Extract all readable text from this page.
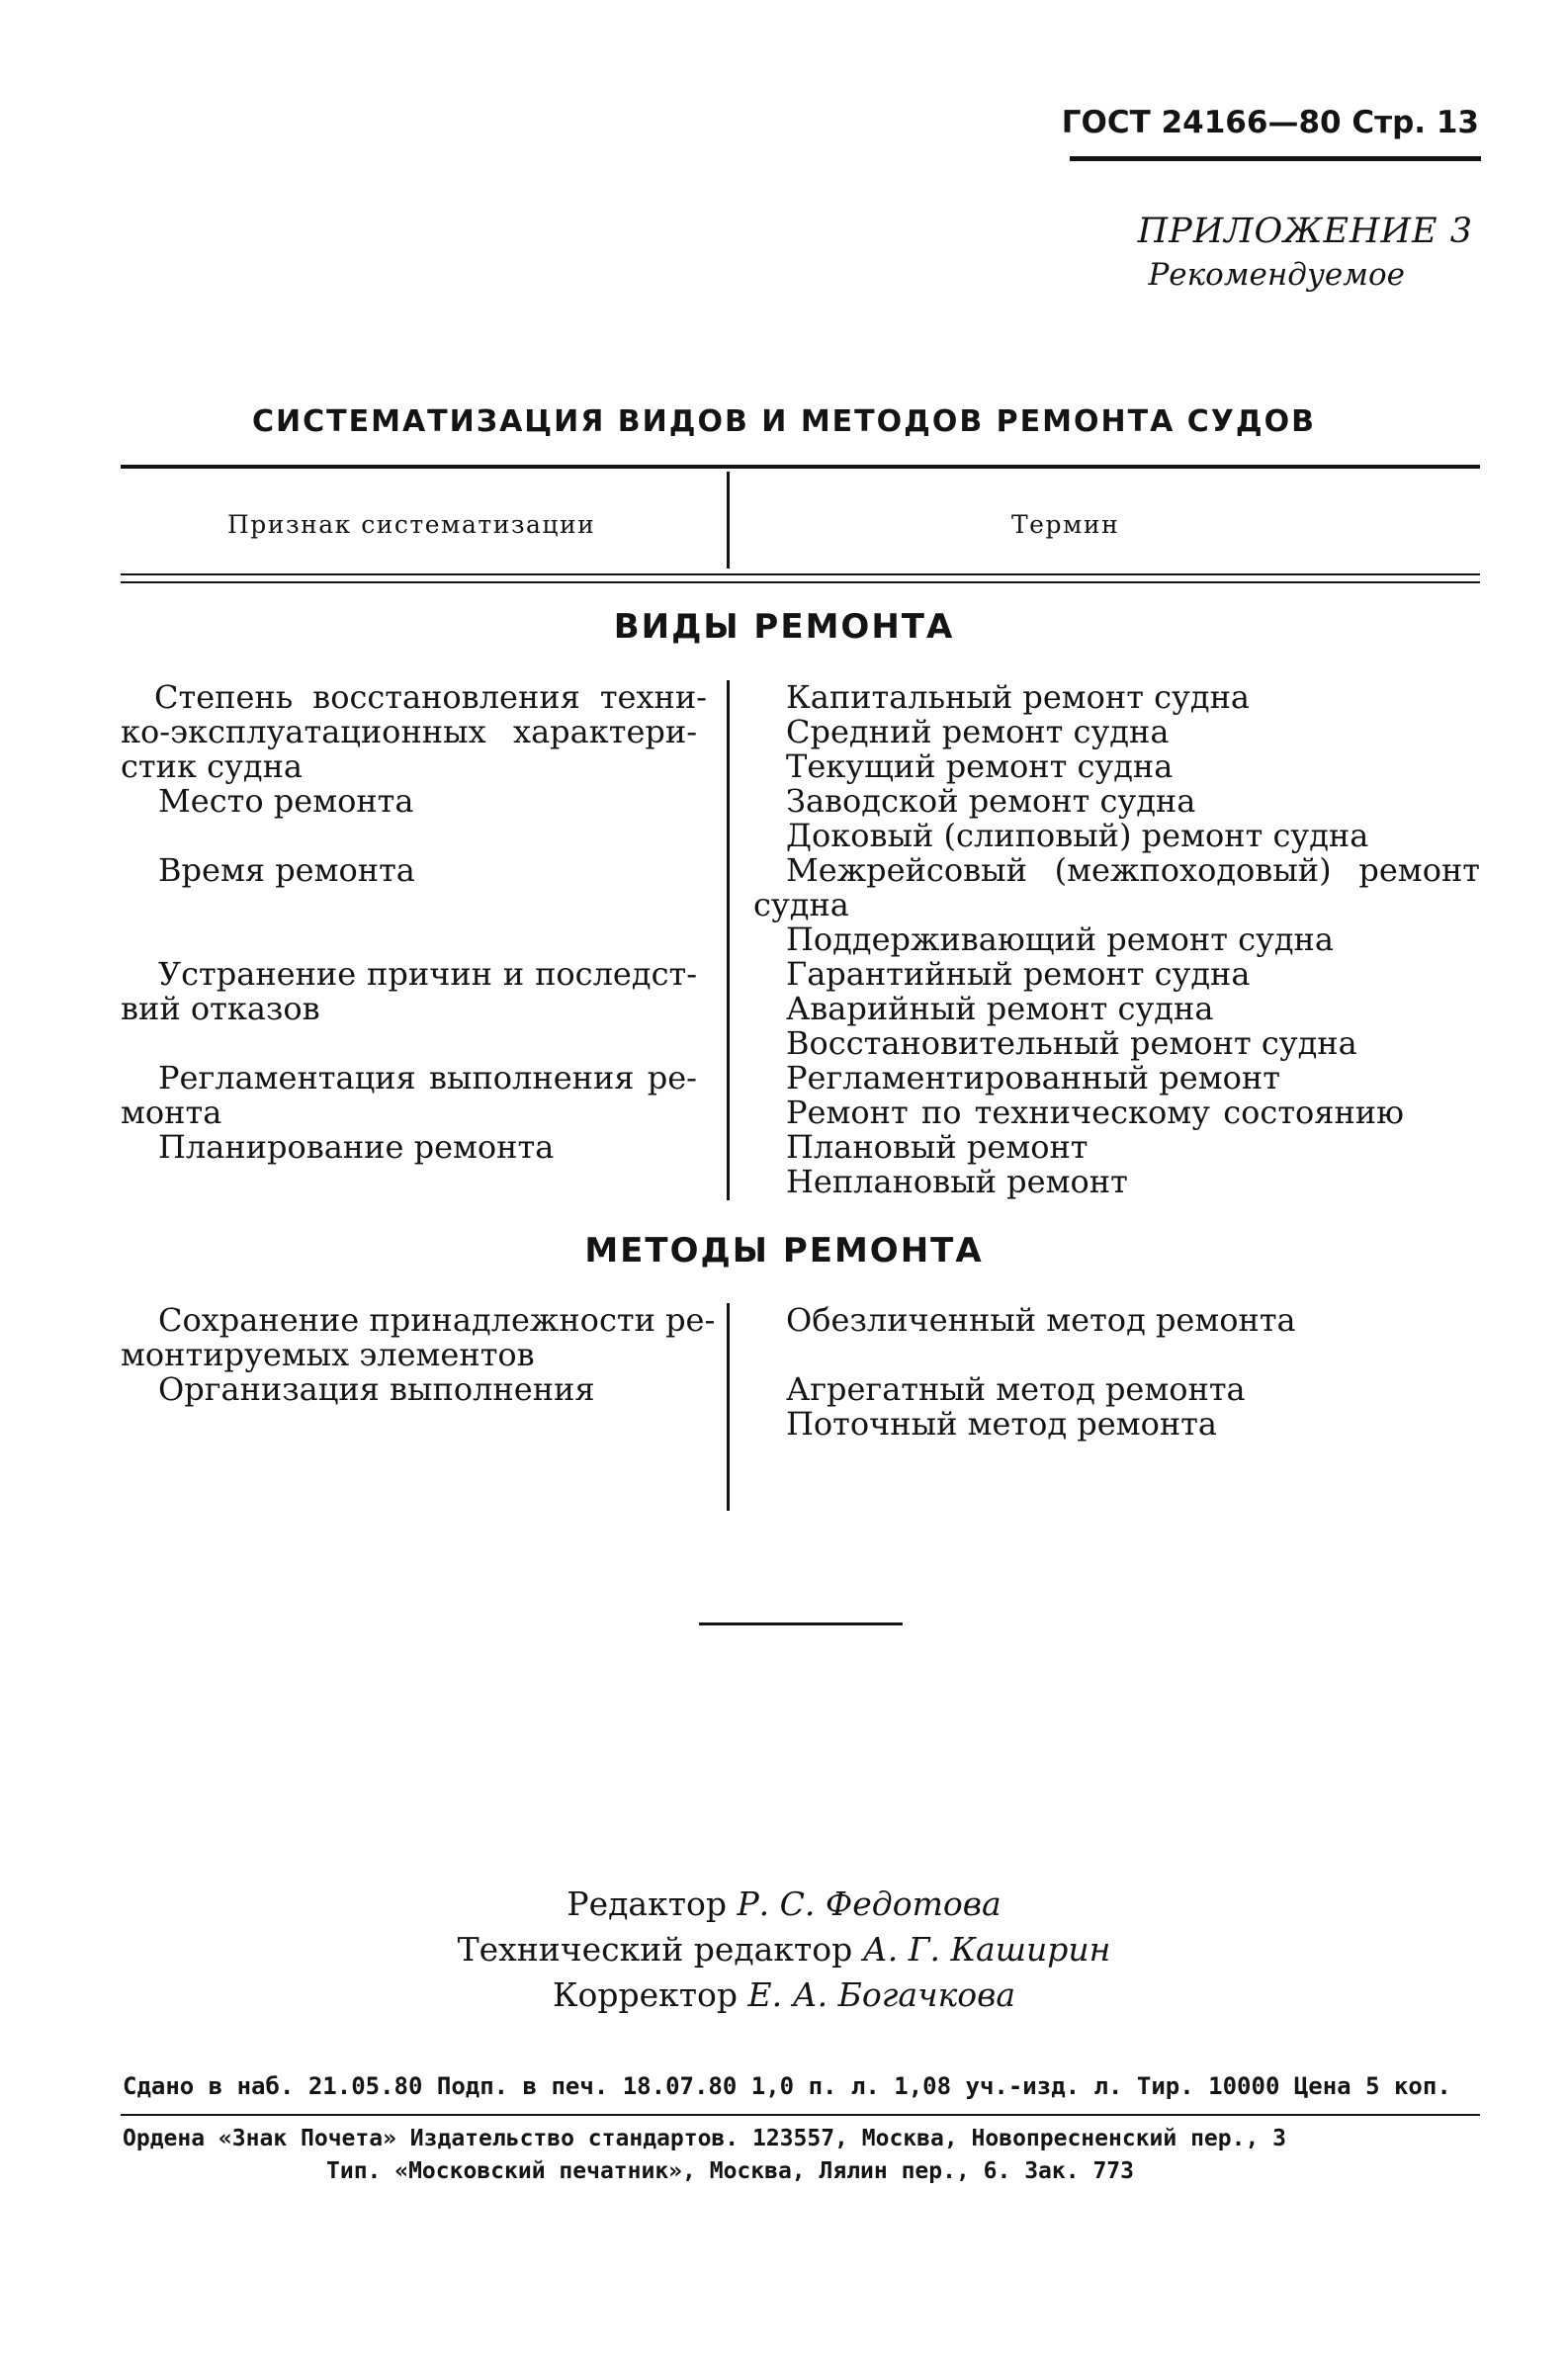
ГОСТ 24166—80 Стр. 13
ПРИЛОЖЕНИЕ 3
Рекомендуемое
СИСТЕМАТИЗАЦИЯ ВИДОВ И МЕТОДОВ РЕМОНТА СУДОВ
Признак систематизации	Термин
ВИДЫ РЕМОНТА
Степень восстановления техни-
ко-эксплуатационных характери-
стик судна
Место ремонта
Время ремонта
Устранение причин и последст-
вий отказов
Регламентация выполнения ре-
монта
Планирование ремонта
Капитальный ремонт судна
Средний ремонт судна
Текущий ремонт судна
Заводской ремонт судна
Доковый (слиповый) ремонт судна
Межрейсовый (межпоходовый) ремонт
судна
Поддерживающий ремонт судна
Гарантийный ремонт судна
Аварийный ремонт судна
Восстановительный ремонт судна
Регламентированный ремонт
Ремонт по техническому состоянию
Плановый ремонт
Неплановый ремонт
МЕТОДЫ РЕМОНТА
Сохранение принадлежности ре-
монтируемых элементов
Организация выполнения
Обезличенный метод ремонта
Агрегатный метод ремонта
Поточный метод ремонта
Редактор Р. С. Федотова
Технический редактор А. Г. Каширин
Корректор Е. А. Богачкова
Сдано в наб. 21.05.80 Подп. в печ. 18.07.80 1,0 п. л. 1,08 уч.-изд. л. Тир. 10000 Цена 5 коп.
Ордена «Знак Почета» Издательство стандартов. 123557, Москва, Новопресненский пер., 3
Тип. «Московский печатник», Москва, Лялин пер., 6. Зак. 773
